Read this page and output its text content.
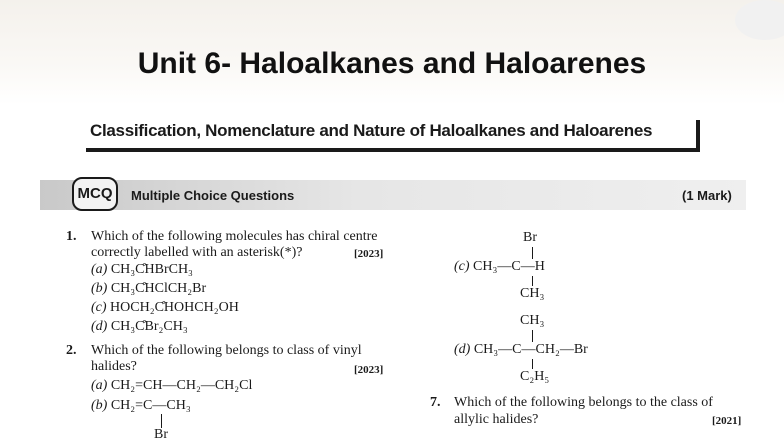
Unit 6- Haloalkanes and Haloarenes
Classification, Nomenclature and Nature of Haloalkanes and Haloarenes
MCQ	Multiple Choice Questions	(1 Mark)
1. Which of the following molecules has chiral centre
correctly labelled with an asterisk(*)?	[2023]
(a) CH₃C̊HBrCH₃
(b) CH₃C̊HClCH₂Br
(c) HOCH₂C̊HOHCH₂OH
(d) CH₃C̊Br₂CH₃
2. Which of the following belongs to class of vinyl
halides?	[2023]
(a) CH₂=CH—CH₂—CH₂Cl
(b) CH₂=C—CH₃
Br
Br
(c) CH₃—C—H
CH₃
CH₃
(d) CH₃—C—CH₂—Br
C₂H₅
7. Which of the following belongs to the class of
allylic halides?	[2021]
